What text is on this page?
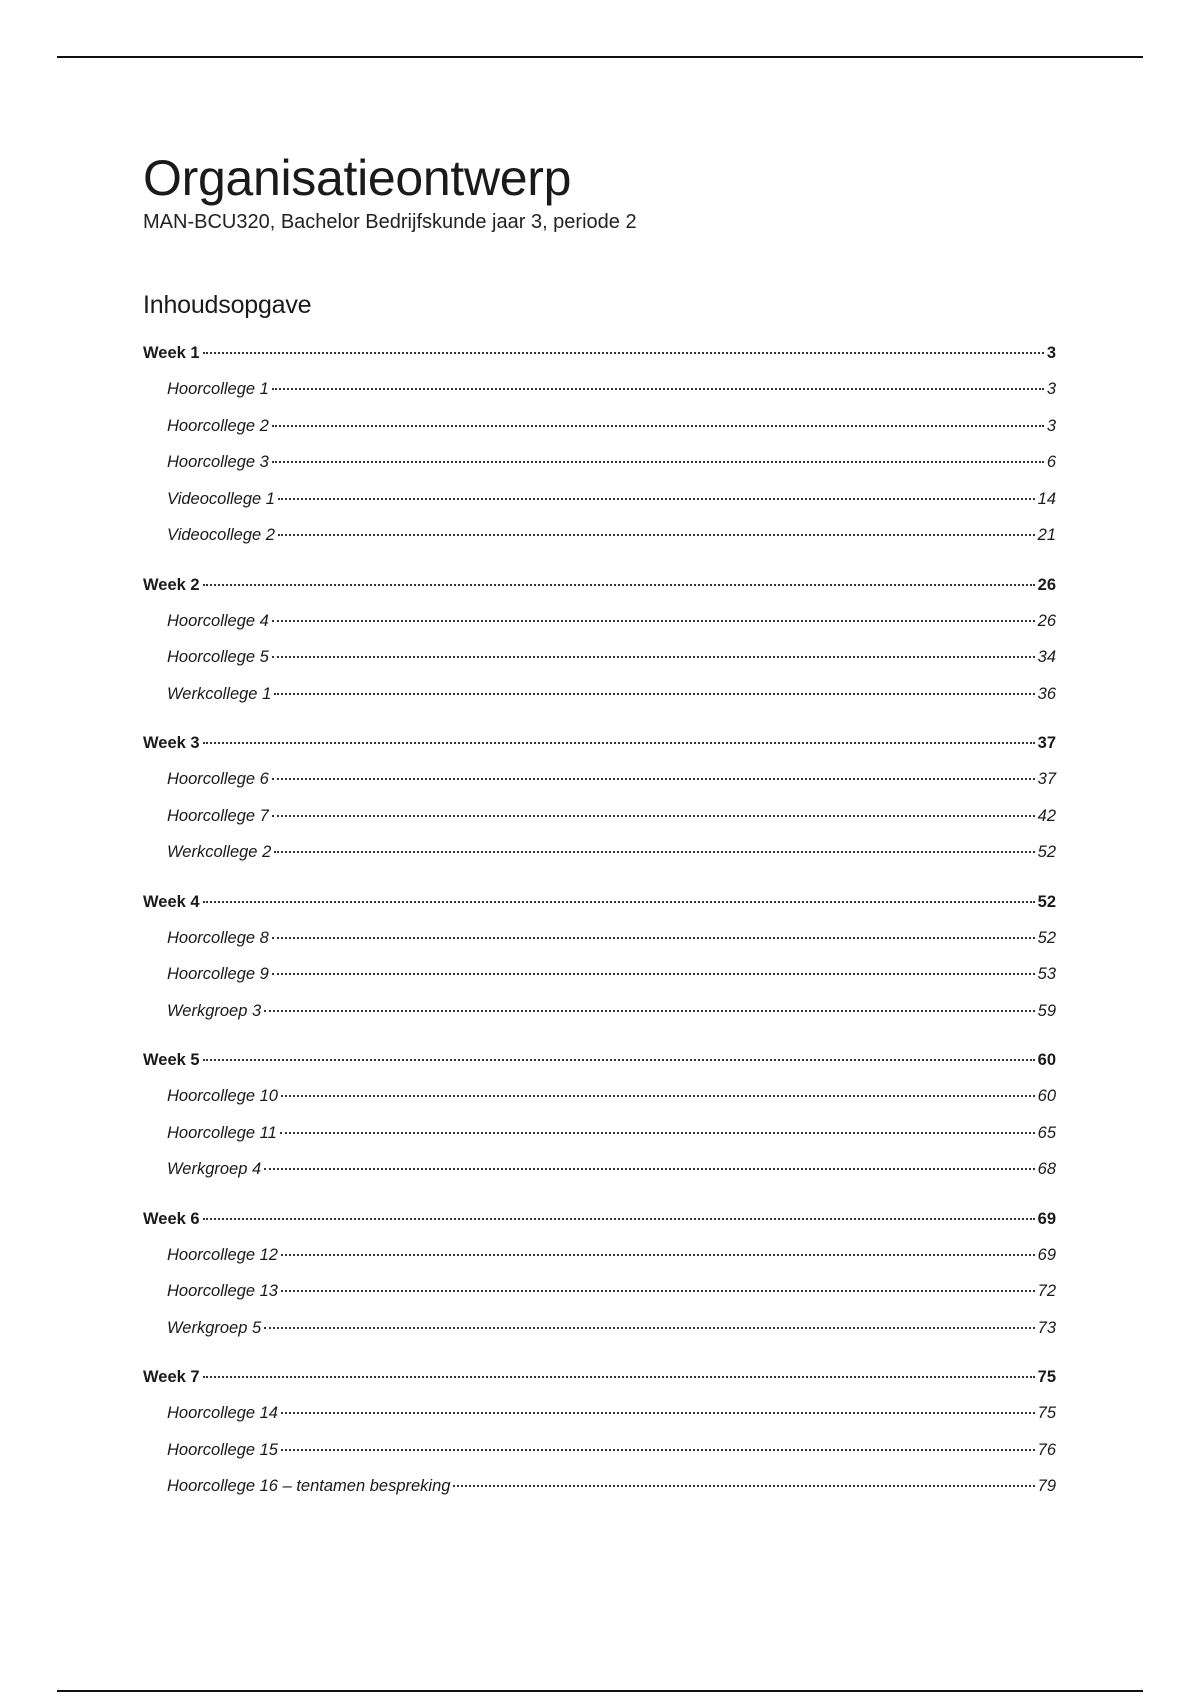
Organisatieontwerp

MAN-BCU320, Bachelor Bedrijfskunde jaar 3, periode 2

Inhoudsopgave
Week 1	3
Hoorcollege 1	3
Hoorcollege 2	3
Hoorcollege 3	6
Videocollege 1	14
Videocollege 2	21
Week 2	26
Hoorcollege 4	26
Hoorcollege 5	34
Werkcollege 1	36
Week 3	37
Hoorcollege 6	37
Hoorcollege 7	42
Werkcollege 2	52
Week 4	52
Hoorcollege 8	52
Hoorcollege 9	53
Werkgroep 3	59
Week 5	60
Hoorcollege 10	60
Hoorcollege 11	65
Werkgroep 4	68
Week 6	69
Hoorcollege 12	69
Hoorcollege 13	72
Werkgroep 5	73
Week 7	75
Hoorcollege 14	75
Hoorcollege 15	76
Hoorcollege 16 – tentamen bespreking	79
